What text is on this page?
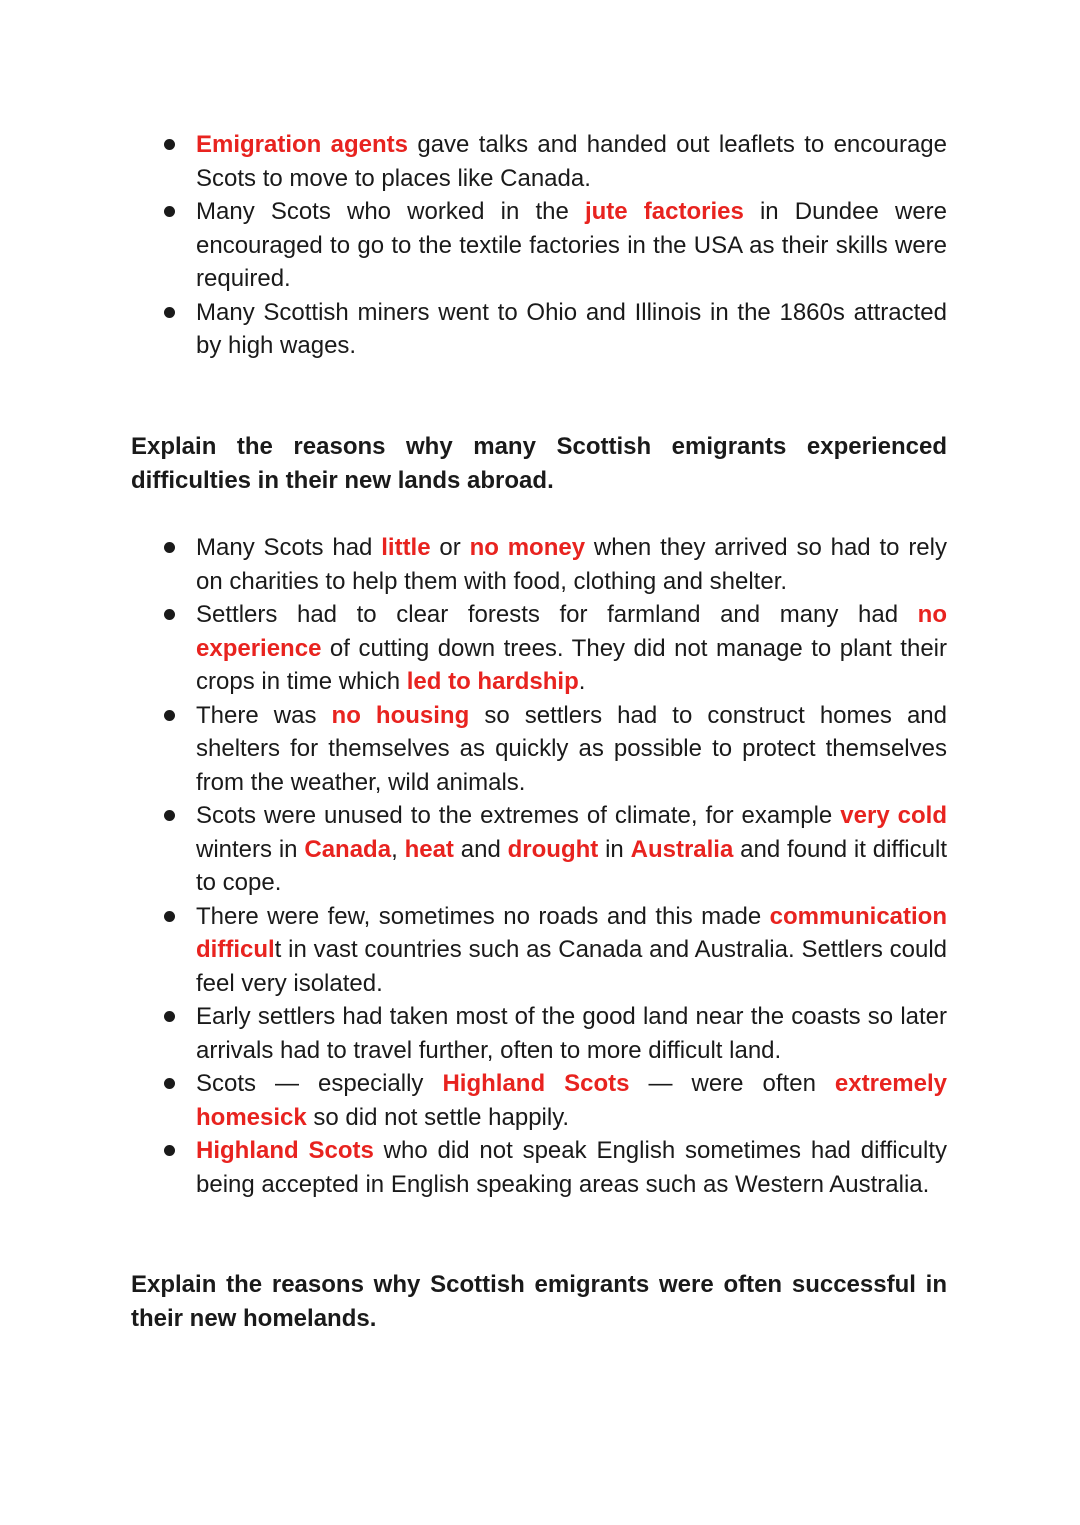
Emigration agents gave talks and handed out leaflets to encourage Scots to move to places like Canada.
Many Scots who worked in the jute factories in Dundee were encouraged to go to the textile factories in the USA as their skills were required.
Many Scottish miners went to Ohio and Illinois in the 1860s attracted by high wages.

Explain the reasons why many Scottish emigrants experienced difficulties in their new lands abroad.

Many Scots had little or no money when they arrived so had to rely on charities to help them with food, clothing and shelter.
Settlers had to clear forests for farmland and many had no experience of cutting down trees. They did not manage to plant their crops in time which led to hardship.
There was no housing so settlers had to construct homes and shelters for themselves as quickly as possible to protect themselves from the weather, wild animals.
Scots were unused to the extremes of climate, for example very cold winters in Canada, heat and drought in Australia and found it difficult to cope.
There were few, sometimes no roads and this made communication difficult in vast countries such as Canada and Australia. Settlers could feel very isolated.
Early settlers had taken most of the good land near the coasts so later arrivals had to travel further, often to more difficult land.
Scots — especially Highland Scots — were often extremely homesick so did not settle happily.
Highland Scots who did not speak English sometimes had difficulty being accepted in English speaking areas such as Western Australia.

Explain the reasons why Scottish emigrants were often successful in their new homelands.
